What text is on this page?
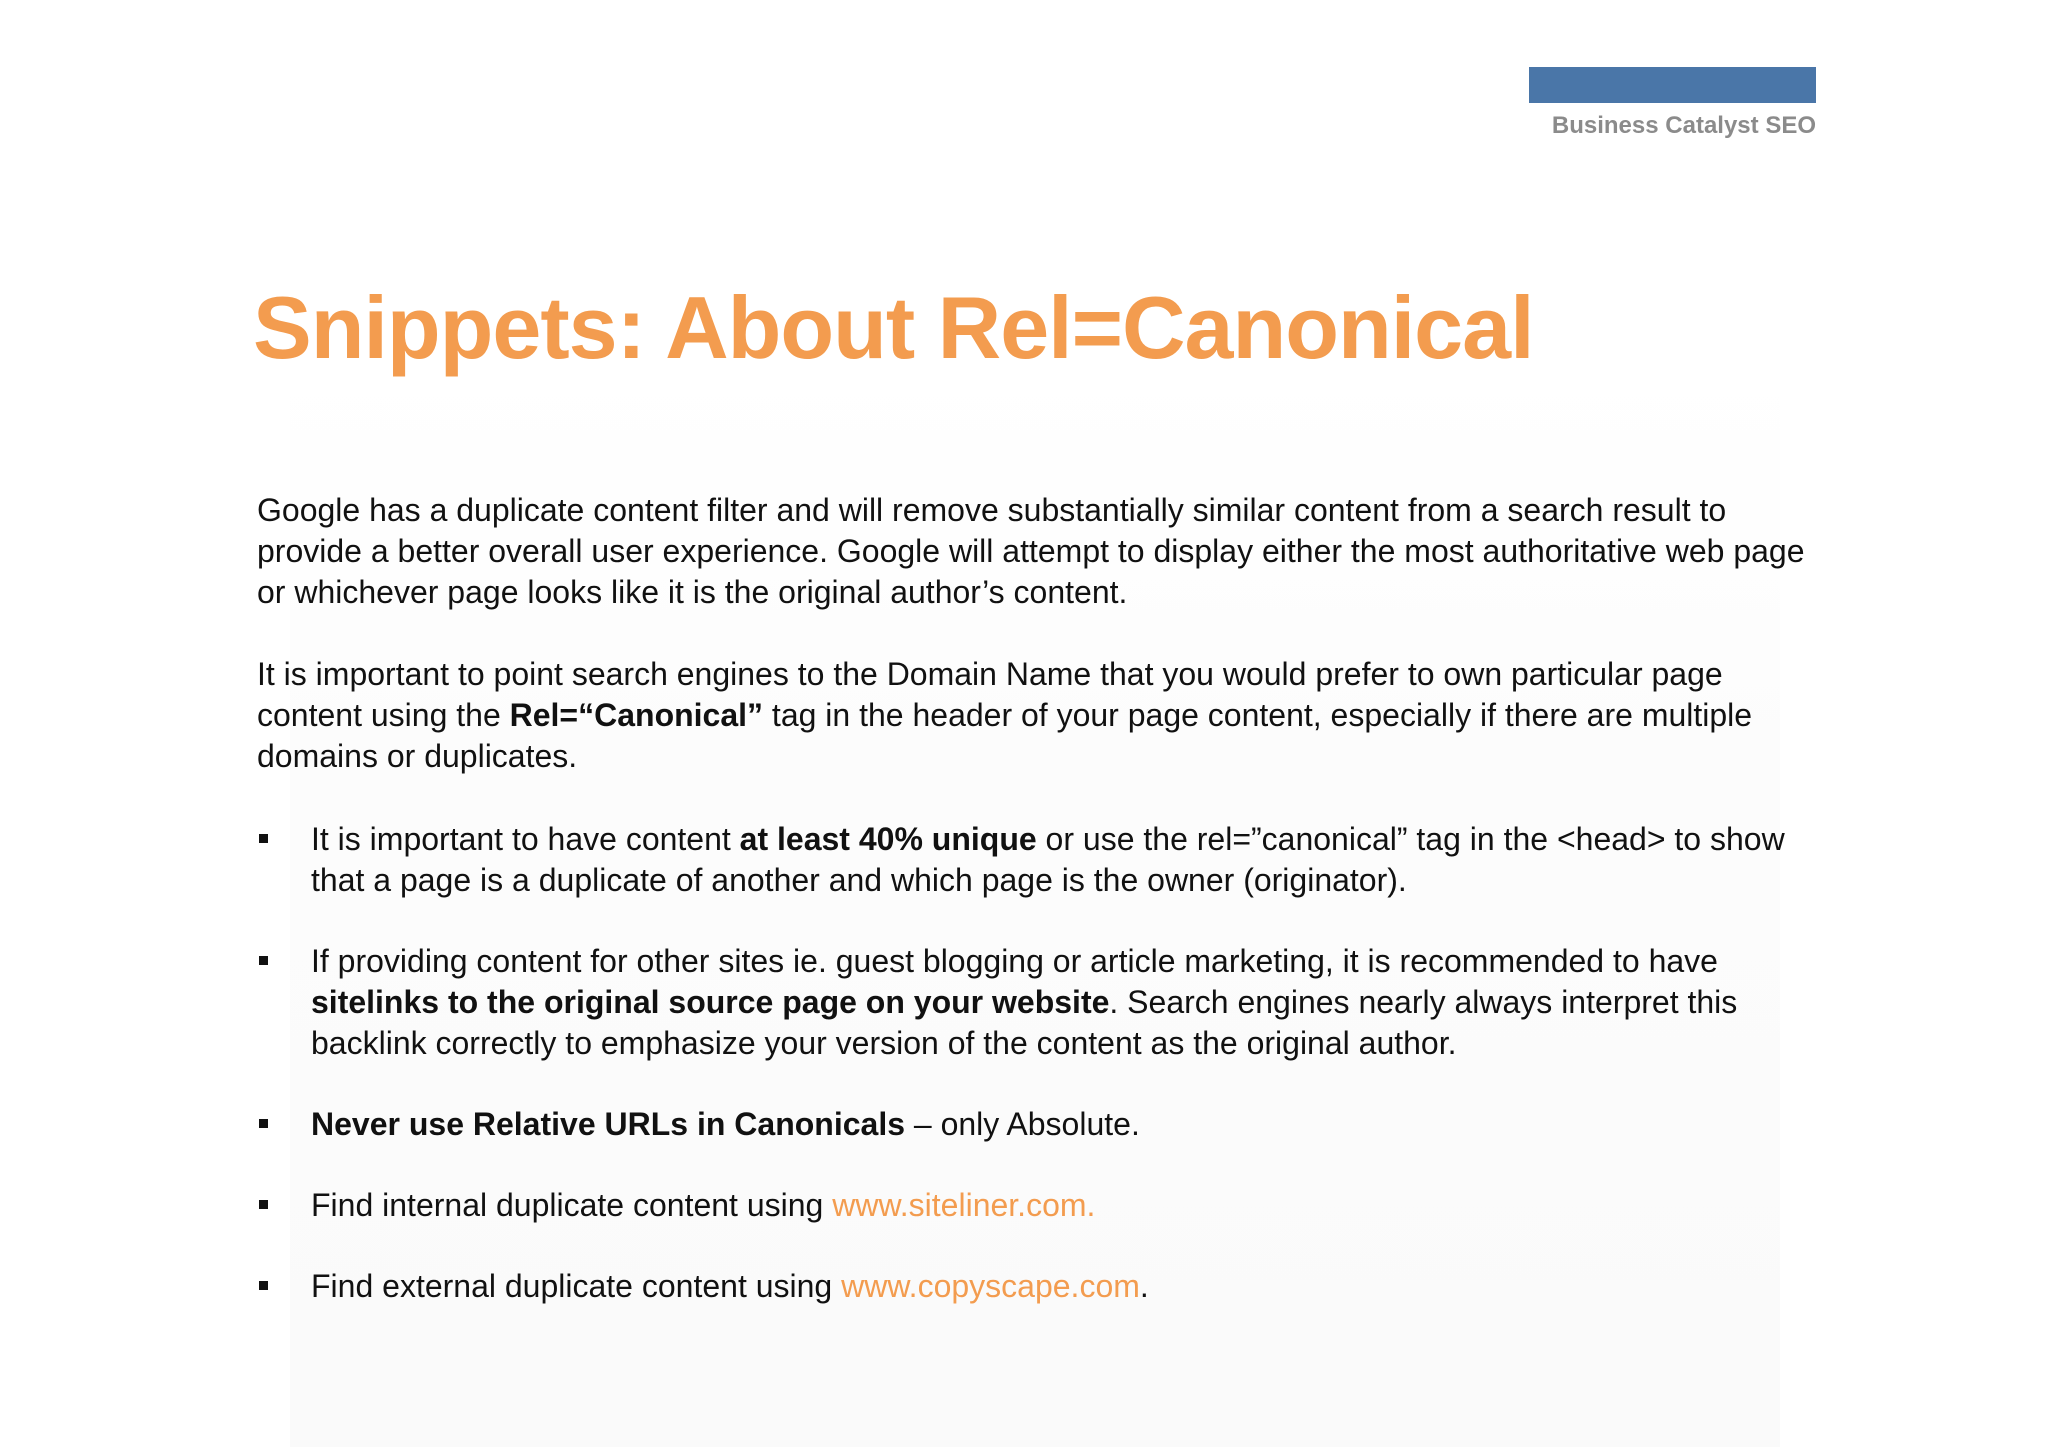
Business Catalyst SEO
Snippets: About Rel=Canonical

Google has a duplicate content filter and will remove substantially similar content from a search result to provide a better overall user experience. Google will attempt to display either the most authoritative web page or whichever page looks like it is the original author’s content.

It is important to point search engines to the Domain Name that you would prefer to own particular page content using the Rel=“Canonical” tag in the header of your page content, especially if there are multiple domains or duplicates.

It is important to have content at least 40% unique or use the rel=”canonical” tag in the <head> to show that a page is a duplicate of another and which page is the owner (originator).
If providing content for other sites ie. guest blogging or article marketing, it is recommended to have sitelinks to the original source page on your website. Search engines nearly always interpret this backlink correctly to emphasize your version of the content as the original author.
Never use Relative URLs in Canonicals – only Absolute.
Find internal duplicate content using www.siteliner.com.
Find external duplicate content using www.copyscape.com.
